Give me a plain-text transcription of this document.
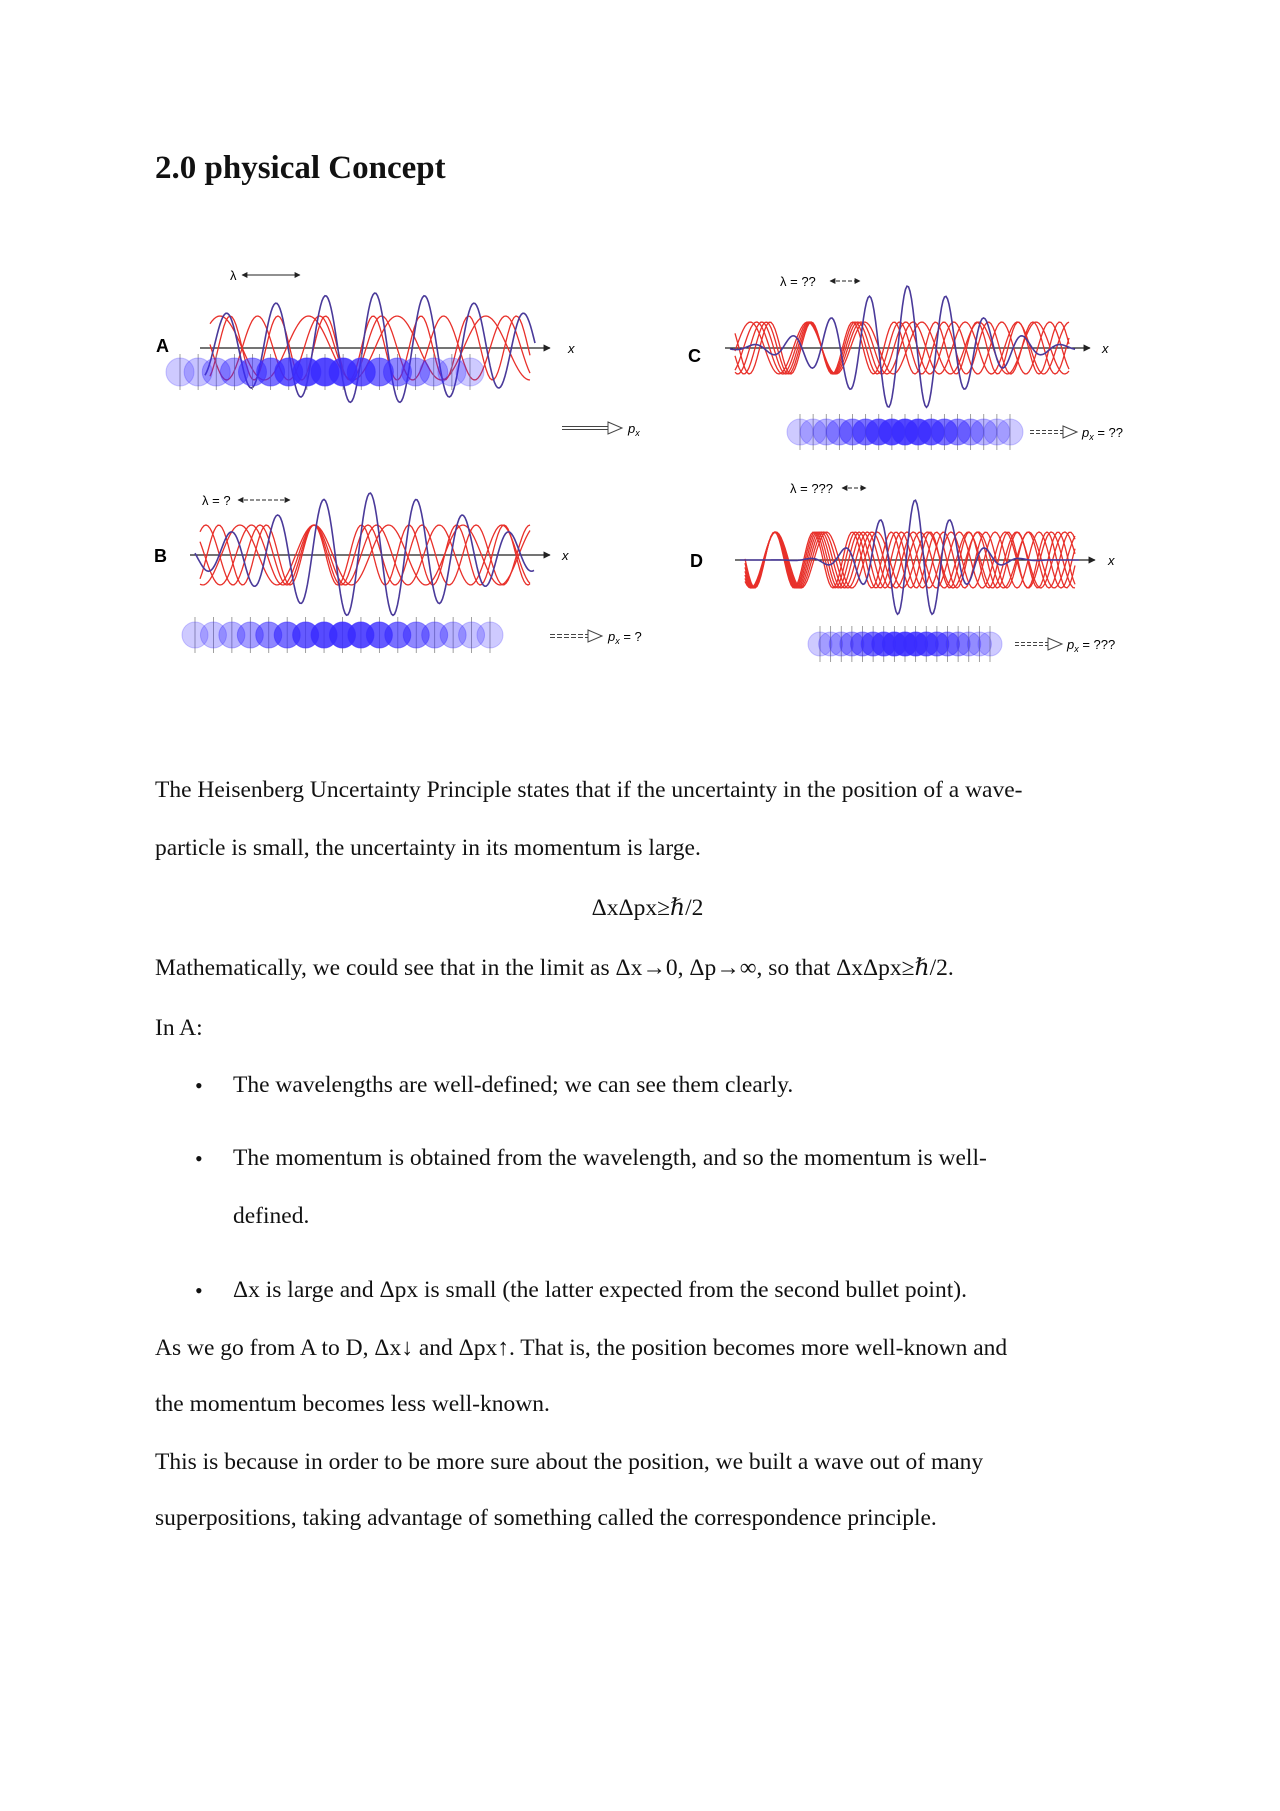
2.0 physical Concept
A
λ
x
$p_x$
B
λ = ?
x
$p_x$ = ?
C
λ = ??
x
$p_x$ = ??
D
λ = ???
x
$p_x$ = ???

The Heisenberg Uncertainty Principle states that if the uncertainty in the position of a wave-

particle is small, the uncertainty in its momentum is large.

ΔxΔpx≥ℏ/2

Mathematically, we could see that in the limit as Δx→0, Δp→∞, so that ΔxΔpx≥ℏ/2.

In A:

• The wavelengths are well-defined; we can see them clearly.

• The momentum is obtained from the wavelength, and so the momentum is well-

defined.

• Δx is large and Δpx is small (the latter expected from the second bullet point).

As we go from A to D, Δx↓ and Δpx↑. That is, the position becomes more well-known and

the momentum becomes less well-known.

This is because in order to be more sure about the position, we built a wave out of many

superpositions, taking advantage of something called the correspondence principle.
